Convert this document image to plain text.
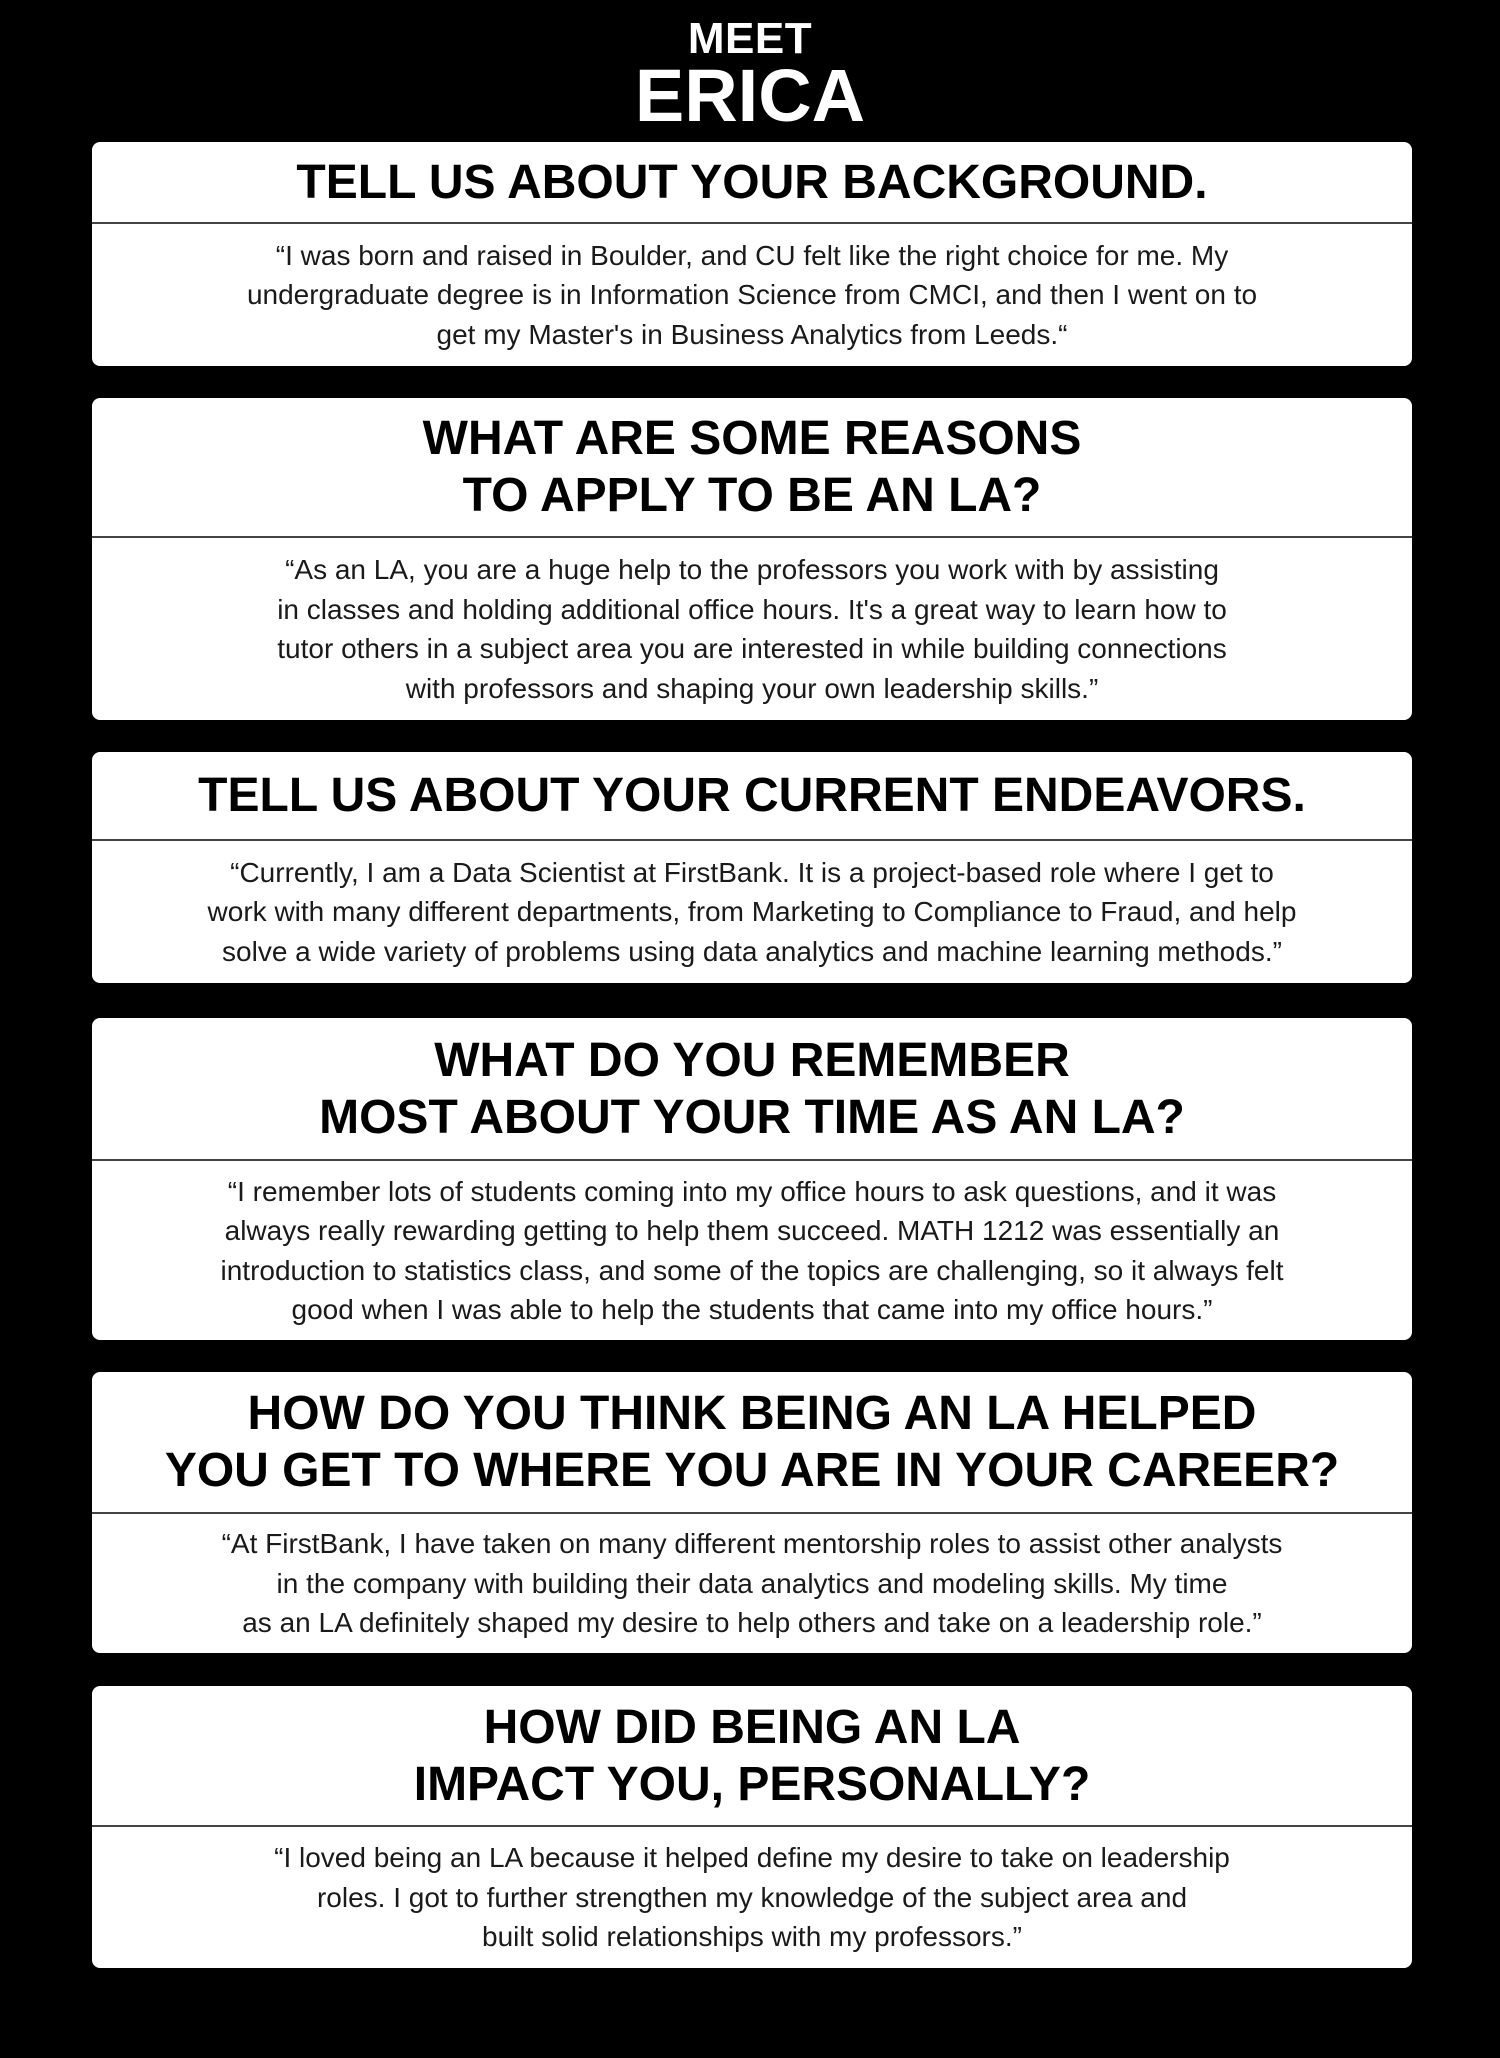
MEET
ERICA
TELL US ABOUT YOUR BACKGROUND.

“I was born and raised in Boulder, and CU felt like the right choice for me. My
undergraduate degree is in Information Science from CMCI, and then I went on to
get my Master's in Business Analytics from Leeds.“

WHAT ARE SOME REASONS
TO APPLY TO BE AN LA?

“As an LA, you are a huge help to the professors you work with by assisting
in classes and holding additional office hours. It's a great way to learn how to
tutor others in a subject area you are interested in while building connections
with professors and shaping your own leadership skills.”

TELL US ABOUT YOUR CURRENT ENDEAVORS.

“Currently, I am a Data Scientist at FirstBank. It is a project-based role where I get to
work with many different departments, from Marketing to Compliance to Fraud, and help
solve a wide variety of problems using data analytics and machine learning methods.”

WHAT DO YOU REMEMBER
MOST ABOUT YOUR TIME AS AN LA?

“I remember lots of students coming into my office hours to ask questions, and it was
always really rewarding getting to help them succeed. MATH 1212 was essentially an
introduction to statistics class, and some of the topics are challenging, so it always felt
good when I was able to help the students that came into my office hours.”

HOW DO YOU THINK BEING AN LA HELPED
YOU GET TO WHERE YOU ARE IN YOUR CAREER?

“At FirstBank, I have taken on many different mentorship roles to assist other analysts
in the company with building their data analytics and modeling skills. My time
as an LA definitely shaped my desire to help others and take on a leadership role.”

HOW DID BEING AN LA
IMPACT YOU, PERSONALLY?

“I loved being an LA because it helped define my desire to take on leadership
roles. I got to further strengthen my knowledge of the subject area and
built solid relationships with my professors.”
